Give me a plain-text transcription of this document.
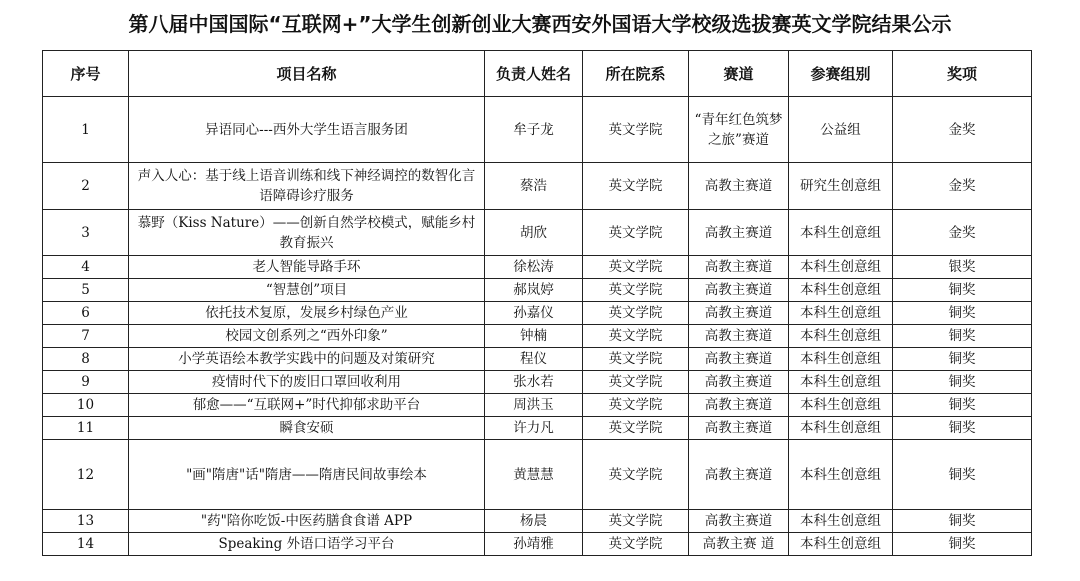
第八届中国国际“互联网+”大学生创新创业大赛西安外国语大学校级选拔赛英文学院结果公示
序号	项目名称	负责人姓名	所在院系	赛道	参赛组别	奖项
1	异语同心---西外大学生语言服务团	牟子龙	英文学院	“青年红色筑梦之旅”赛道	公益组	金奖
2	声入人心：基于线上语音训练和线下神经调控的数智化言语障碍诊疗服务	蔡浩	英文学院	高教主赛道	研究生创意组	金奖
3	慕野（Kiss Nature）——创新自然学校模式，赋能乡村教育振兴	胡欣	英文学院	高教主赛道	本科生创意组	金奖
4	老人智能导路手环	徐松涛	英文学院	高教主赛道	本科生创意组	银奖
5	“智慧创”项目	郝岚婷	英文学院	高教主赛道	本科生创意组	铜奖
6	依托技术复原，发展乡村绿色产业	孙嘉仪	英文学院	高教主赛道	本科生创意组	铜奖
7	校园文创系列之“西外印象”	钟楠	英文学院	高教主赛道	本科生创意组	铜奖
8	小学英语绘本教学实践中的问题及对策研究	程仪	英文学院	高教主赛道	本科生创意组	铜奖
9	疫情时代下的废旧口罩回收利用	张水若	英文学院	高教主赛道	本科生创意组	铜奖
10	郁愈——“互联网+”时代抑郁求助平台	周洪玉	英文学院	高教主赛道	本科生创意组	铜奖
11	瞬食安硕	许力凡	英文学院	高教主赛道	本科生创意组	铜奖
12	"画"隋唐"话"隋唐——隋唐民间故事绘本	黄慧慧	英文学院	高教主赛道	本科生创意组	铜奖
13	"药"陪你吃饭-中医药膳食食谱 APP	杨晨	英文学院	高教主赛道	本科生创意组	铜奖
14	Speaking 外语口语学习平台	孙靖雅	英文学院	高教主赛 道	本科生创意组	铜奖
